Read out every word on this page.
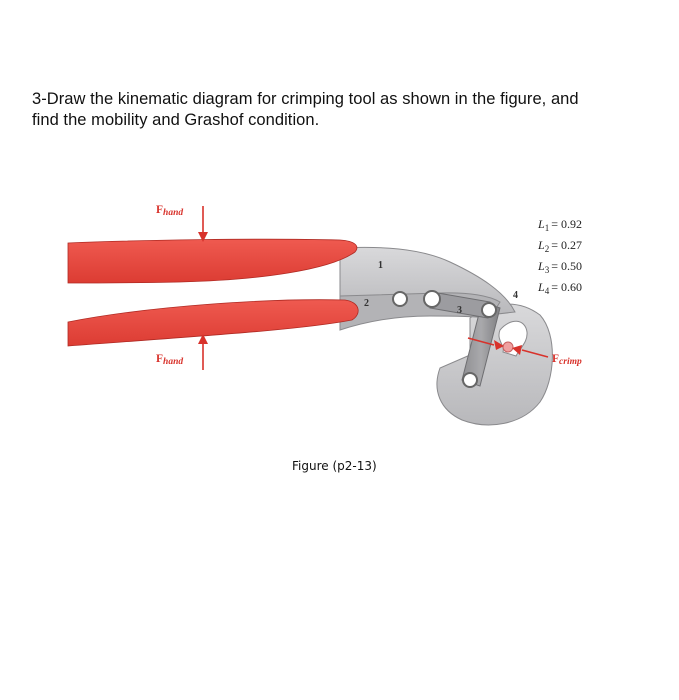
3-Draw the kinematic diagram for crimping tool as shown in the figure, and
find the mobility and Grashof condition.
Fhand
Fhand	Fcrimp
1
2
3
4
$L_1 = 0.92$
$L_2 = 0.27$
$L_3 = 0.50$
$L_4 = 0.60$
Figure (p2-13)
